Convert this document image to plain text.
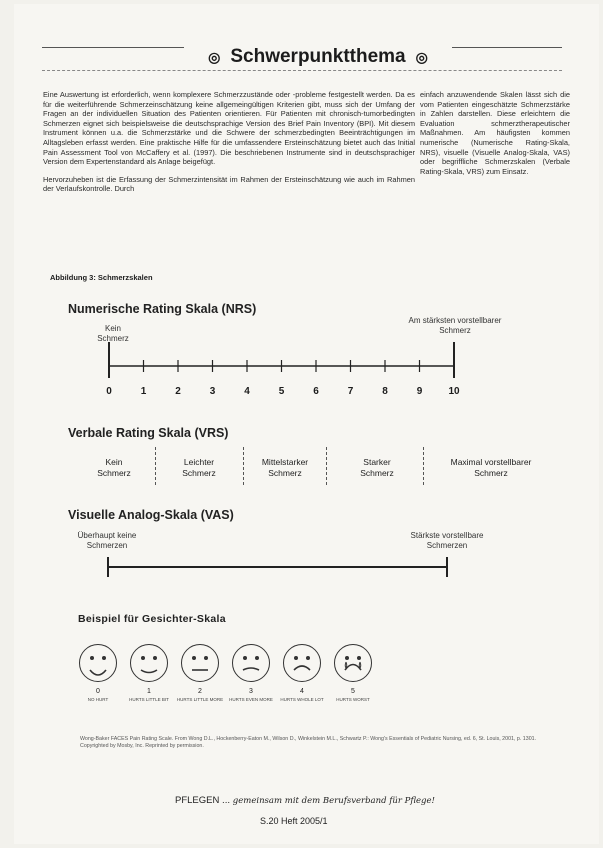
◎ Schwerpunktthema ◎
Eine Auswertung ist erforderlich, wenn komplexere Schmerzzustände oder -probleme festgestellt werden. Da es für die weiterführende Schmerzeinschätzung keine allgemeingültigen Kriterien gibt, muss sich der Umfang der Fragen an der individuellen Situation des Patienten orientieren. Für Patienten mit chronisch-tumorbedingten Schmerzen eignet sich beispielsweise die deutschsprachige Version des Brief Pain Inventory (BPI). Mit diesem Instrument können u.a. die Schmerzstärke und die Schwere der schmerzbedingten Beeinträchtigungen im Alltagsleben erfasst werden. Eine praktische Hilfe für die umfassendere Ersteinschätzung bietet auch das Initial Pain Assessment Tool von McCaffery et al. (1997). Die beschriebenen Instrumente sind in deutschsprachiger Version dem Expertenstandard als Anlage beigefügt.
Hervorzuheben ist die Erfassung der Schmerzintensität im Rahmen der Ersteinschätzung wie auch im Rahmen der Verlaufskontrolle. Durch
einfach anzuwendende Skalen lässt sich die vom Patienten eingeschätzte Schmerzstärke in Zahlen darstellen. Diese erleichtern die Evaluation schmerztherapeutischer Maßnahmen. Am häufigsten kommen numerische (Numerische Rating-Skala, NRS), visuelle (Visuelle Analog-Skala, VAS) oder begriffliche Schmerzskalen (Verbale Rating-Skala, VRS) zum Einsatz.
Abbildung 3: Schmerzskalen
Numerische Rating Skala (NRS)
Kein Schmerz
Am stärksten vorstellbarer Schmerz
0	1	2	3	4	5	6	7	8	9	10
Verbale Rating Skala (VRS)
Kein
Schmerz
Leichter
Schmerz
Mittelstarker
Schmerz
Starker
Schmerz
Maximal vorstellbarer
Schmerz
Visuelle Analog-Skala (VAS)
Überhaupt keine Schmerzen
Stärkste vorstellbare Schmerzen
Beispiel für Gesichter-Skala
Wong-Baker FACES Pain Rating Scale. From Wong D.L., Hockenberry-Eaton M., Wilson D., Winkelstein M.L., Schwartz P.: Wong's Essentials of Pediatric Nursing, ed. 6, St. Louis, 2001, p. 1301. Copyrighted by Mosby, Inc. Reprinted by permission.
PFLEGEN ... gemeinsam mit dem Berufsverband für Pflege!
S.20 Heft 2005/1
0
NO HURT
1
HURTS LITTLE BIT
2
HURTS LITTLE MORE
3
HURTS EVEN MORE
4
HURTS WHOLE LOT
5
HURTS WORST
